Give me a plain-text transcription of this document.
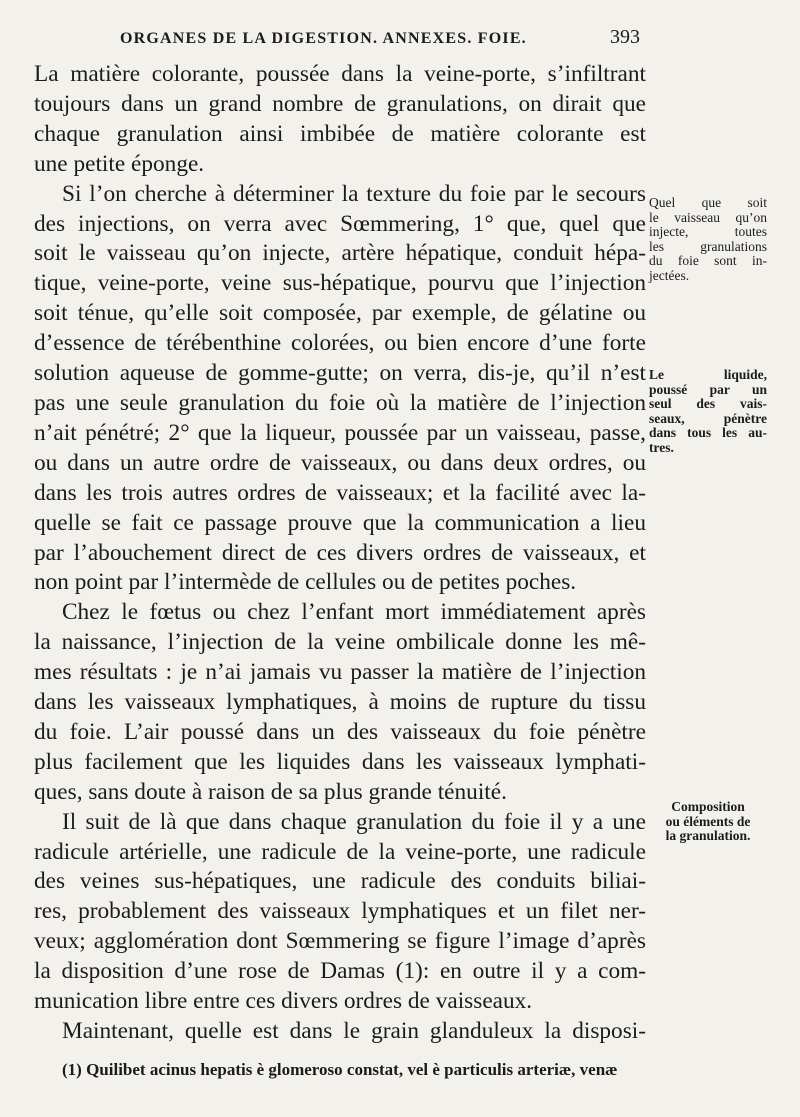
ORGANES DE LA DIGESTION. ANNEXES. FOIE.	393

La matière colorante, poussée dans la veine-porte, s’infiltrant
toujours dans un grand nombre de granulations, on dirait que
chaque granulation ainsi imbibée de matière colorante est
une petite éponge.

Si l’on cherche à déterminer la texture du foie par le secours
des injections, on verra avec Sœmmering, 1° que, quel que
soit le vaisseau qu’on injecte, artère hépatique, conduit hépa-
tique, veine-porte, veine sus-hépatique, pourvu que l’injection
soit ténue, qu’elle soit composée, par exemple, de gélatine ou
d’essence de térébenthine colorées, ou bien encore d’une forte
solution aqueuse de gomme-gutte; on verra, dis-je, qu’il n’est
pas une seule granulation du foie où la matière de l’injection
n’ait pénétré; 2° que la liqueur, poussée par un vaisseau, passe,
ou dans un autre ordre de vaisseaux, ou dans deux ordres, ou
dans les trois autres ordres de vaisseaux; et la facilité avec la-
quelle se fait ce passage prouve que la communication a lieu
par l’abouchement direct de ces divers ordres de vaisseaux, et
non point par l’intermède de cellules ou de petites poches.

Chez le fœtus ou chez l’enfant mort immédiatement après
la naissance, l’injection de la veine ombilicale donne les mê-
mes résultats : je n’ai jamais vu passer la matière de l’injection
dans les vaisseaux lymphatiques, à moins de rupture du tissu
du foie. L’air poussé dans un des vaisseaux du foie pénètre
plus facilement que les liquides dans les vaisseaux lymphati-
ques, sans doute à raison de sa plus grande ténuité.

Il suit de là que dans chaque granulation du foie il y a une
radicule artérielle, une radicule de la veine-porte, une radicule
des veines sus-hépatiques, une radicule des conduits biliai-
res, probablement des vaisseaux lymphatiques et un filet ner-
veux; agglomération dont Sœmmering se figure l’image d’après
la disposition d’une rose de Damas (1): en outre il y a com-
munication libre entre ces divers ordres de vaisseaux.

Maintenant, quelle est dans le grain glanduleux la disposi-

Quel que soit
le vaisseau qu’on
injecte, toutes
les granulations
du foie sont in-
jectées.
Le liquide,
poussé par un
seul des vais-
seaux, pénètre
dans tous les au-
tres.
Composition
ou éléments de
la granulation.
(1) Quilibet acinus hepatis è glomeroso constat, vel è particulis arteriæ, venæ
